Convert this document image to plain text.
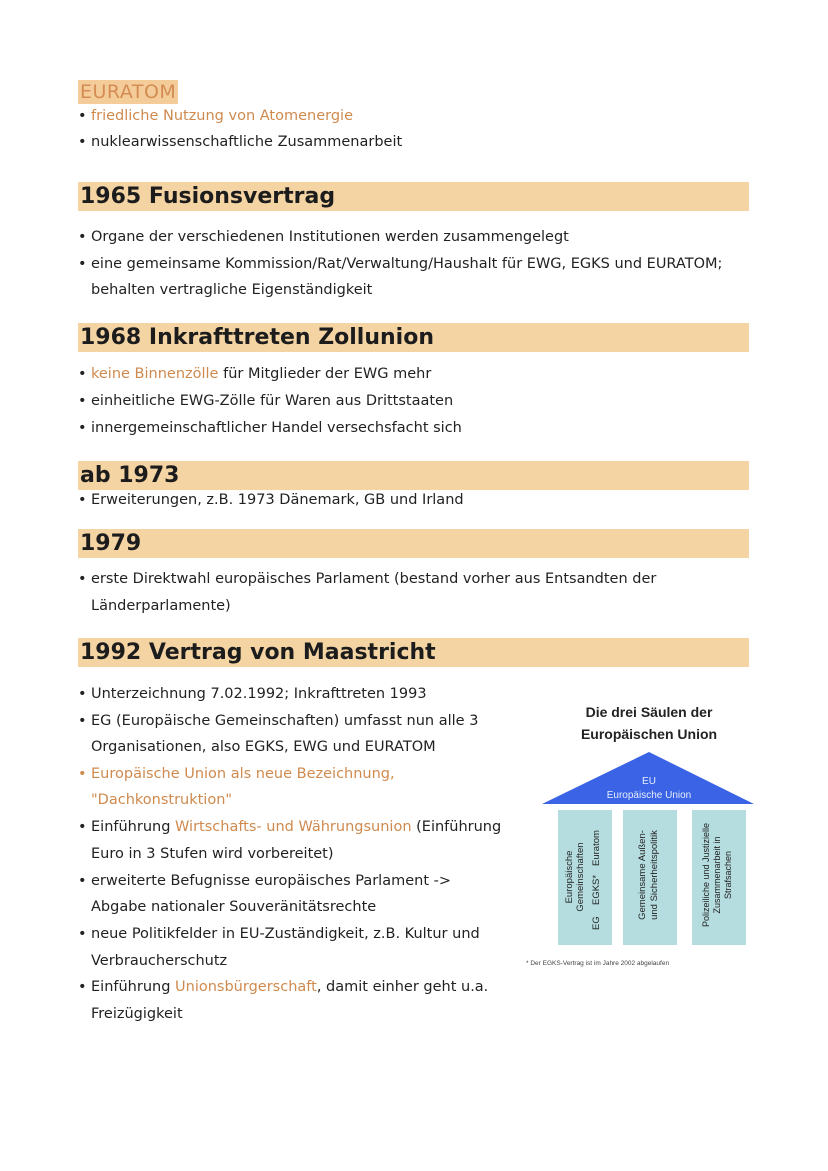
EURATOM
• friedliche Nutzung von Atomenergie
• nuklearwissenschaftliche Zusammenarbeit
1965 Fusionsvertrag
• Organe der verschiedenen Institutionen werden zusammengelegt
• eine gemeinsame Kommission/Rat/Verwaltung/Haushalt für EWG, EGKS und EURATOM;
behalten vertragliche Eigenständigkeit
1968 Inkrafttreten Zollunion
• keine Binnenzölle für Mitglieder der EWG mehr
• einheitliche EWG-Zölle für Waren aus Drittstaaten
• innergemeinschaftlicher Handel versechsfacht sich
ab 1973
• Erweiterungen, z.B. 1973 Dänemark, GB und Irland
1979
• erste Direktwahl europäisches Parlament (bestand vorher aus Entsandten der
Länderparlamente)
1992 Vertrag von Maastricht
• Unterzeichnung 7.02.1992; Inkrafttreten 1993
• EG (Europäische Gemeinschaften) umfasst nun alle 3
Organisationen, also EGKS, EWG und EURATOM
• Europäische Union als neue Bezeichnung,
"Dachkonstruktion"
• Einführung Wirtschafts- und Währungsunion (Einführung
Euro in 3 Stufen wird vorbereitet)
• erweiterte Befugnisse europäisches Parlament ->
Abgabe nationaler Souveränitätsrechte
• neue Politikfelder in EU-Zuständigkeit, z.B. Kultur und
Verbraucherschutz
• Einführung Unionsbürgerschaft, damit einher geht u.a.
Freizügigkeit
Die drei Säulen der
Europäischen Union
EU
Europäische Union
Europäische Gemeinschaften
EG
EGKS*
Euratom	Gemeinsame Außen- und Sicherheitspolitik	Polizeiliche und Justizielle Zusammenarbeit in Strafsachen
* Der EGKS-Vertrag ist im Jahre 2002 abgelaufen
